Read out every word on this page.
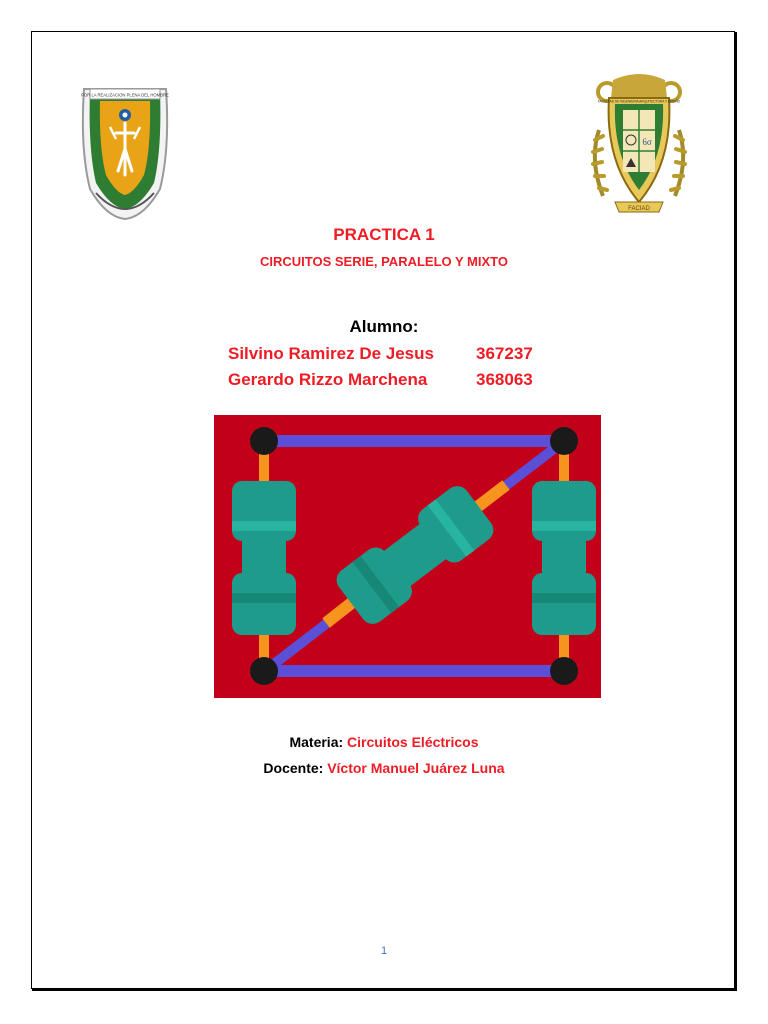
POR LA REALIZACION PLENA DEL HOMBRE
6σ
FACIAD
FACULTAD DE INGENIERIA ARQUITECTURA Y DISEÑO
PRACTICA 1
CIRCUITOS SERIE, PARALELO Y MIXTO
Alumno:
Silvino Ramirez De Jesus 367237
Gerardo Rizzo Marchena	368063
Materia: Circuitos Eléctricos
Docente: Víctor Manuel Juárez Luna
1
